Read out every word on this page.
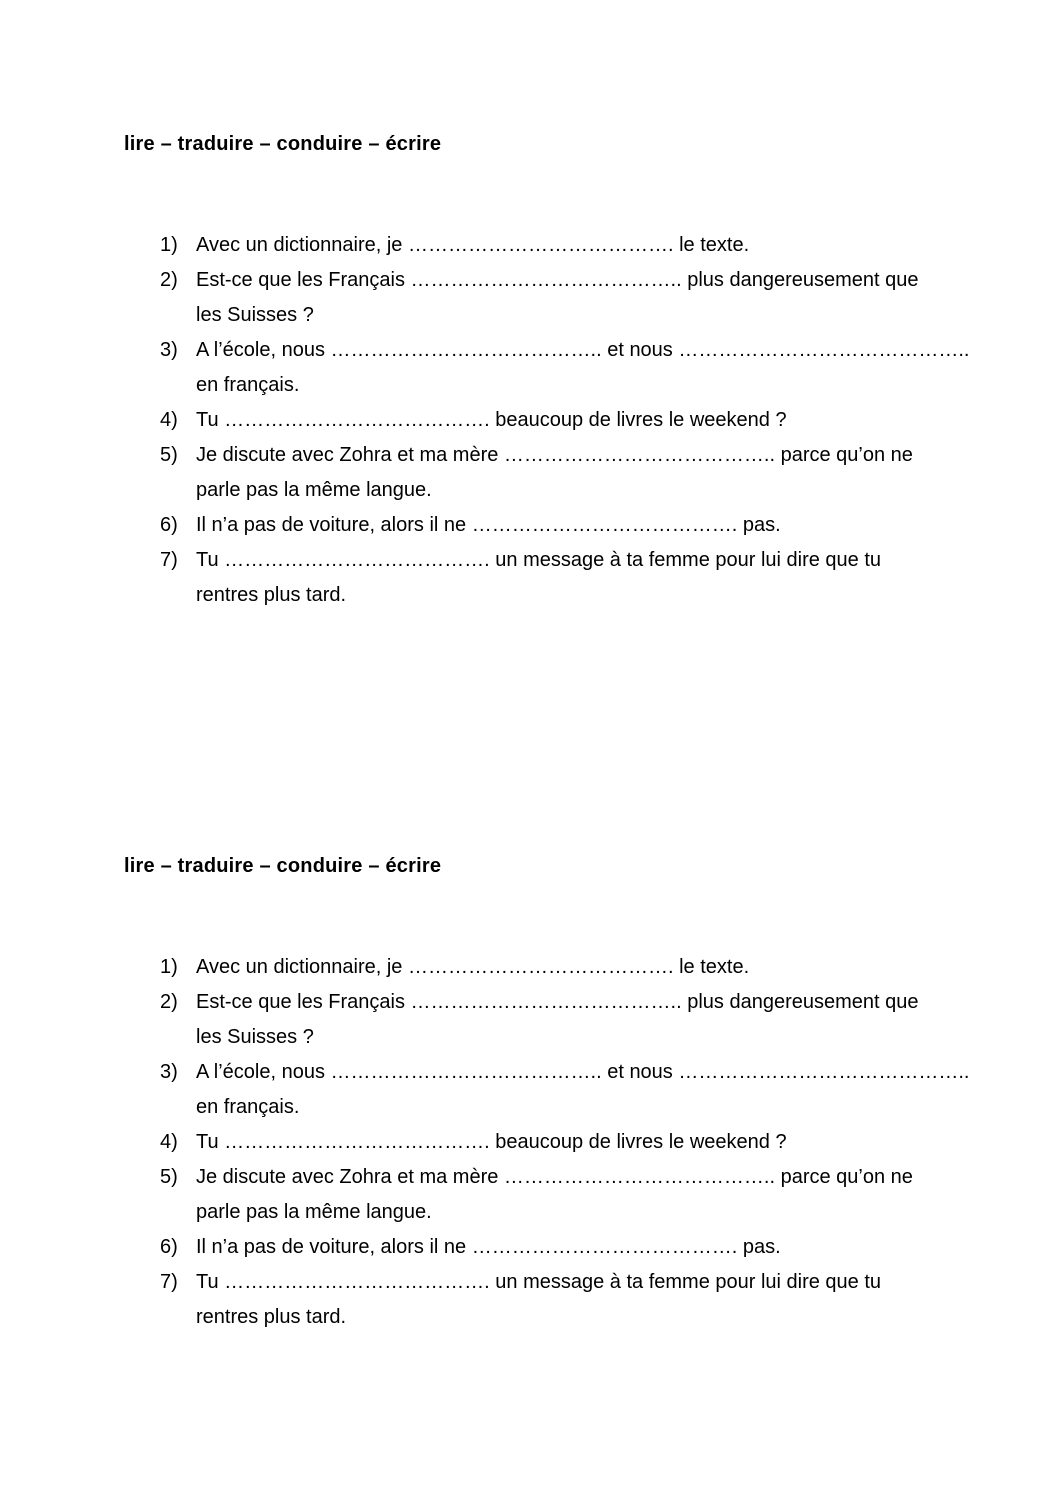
lire – traduire – conduire – écrire
1) Avec un dictionnaire, je …………………………………. le texte.
2) Est-ce que les Français ………………………………….. plus dangereusement que les Suisses ?
3) A l’école, nous ………………………………….. et nous …………………………………….. en français.
4) Tu …………………………………. beaucoup de livres le weekend ?
5) Je discute avec Zohra et ma mère ………………………………….. parce qu’on ne parle pas la même langue.
6) Il n’a pas de voiture, alors il ne …………………………………. pas.
7) Tu …………………………………. un message à ta femme pour lui dire que tu rentres plus tard.
lire – traduire – conduire – écrire
1) Avec un dictionnaire, je …………………………………. le texte.
2) Est-ce que les Français ………………………………….. plus dangereusement que les Suisses ?
3) A l’école, nous ………………………………….. et nous …………………………………….. en français.
4) Tu …………………………………. beaucoup de livres le weekend ?
5) Je discute avec Zohra et ma mère ………………………………….. parce qu’on ne parle pas la même langue.
6) Il n’a pas de voiture, alors il ne …………………………………. pas.
7) Tu …………………………………. un message à ta femme pour lui dire que tu rentres plus tard.
